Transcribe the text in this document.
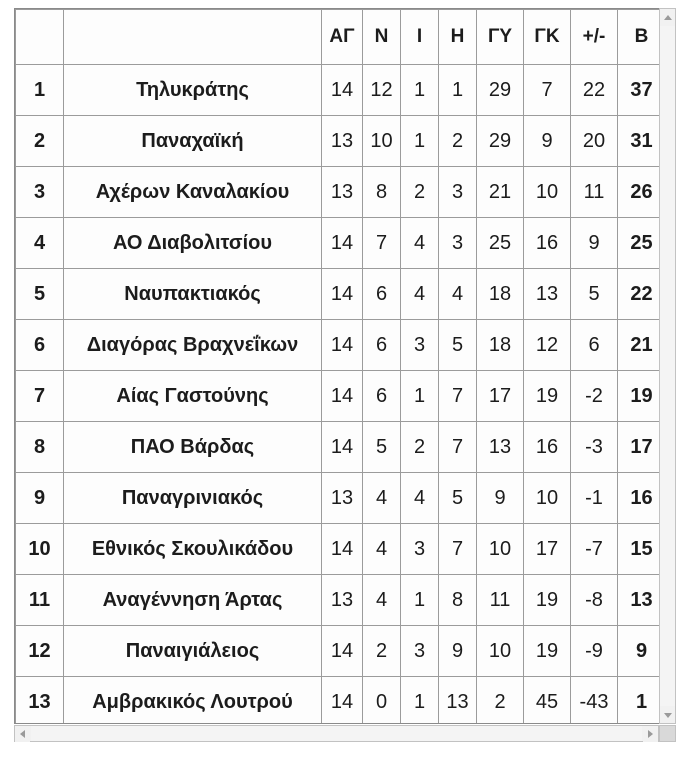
		ΑΓ	Ν	Ι	Η	ΓΥ	ΓΚ	+/-	Β
1	Τηλυκράτης	14	12	1	1	29	7	22	37
2	Παναχαϊκή	13	10	1	2	29	9	20	31
3	Αχέρων Καναλακίου	13	8	2	3	21	10	11	26
4	ΑΟ Διαβολιτσίου	14	7	4	3	25	16	9	25
5	Ναυπακτιακός	14	6	4	4	18	13	5	22
6	Διαγόρας Βραχνεΐκων	14	6	3	5	18	12	6	21
7	Αίας Γαστούνης	14	6	1	7	17	19	-2	19
8	ΠΑΟ Βάρδας	14	5	2	7	13	16	-3	17
9	Παναγρινιακός	13	4	4	5	9	10	-1	16
10	Εθνικός Σκουλικάδου	14	4	3	7	10	17	-7	15
11	Αναγέννηση Άρτας	13	4	1	8	11	19	-8	13
12	Παναιγιάλειος	14	2	3	9	10	19	-9	9
13	Αμβρακικός Λουτρού	14	0	1	13	2	45	-43	1
